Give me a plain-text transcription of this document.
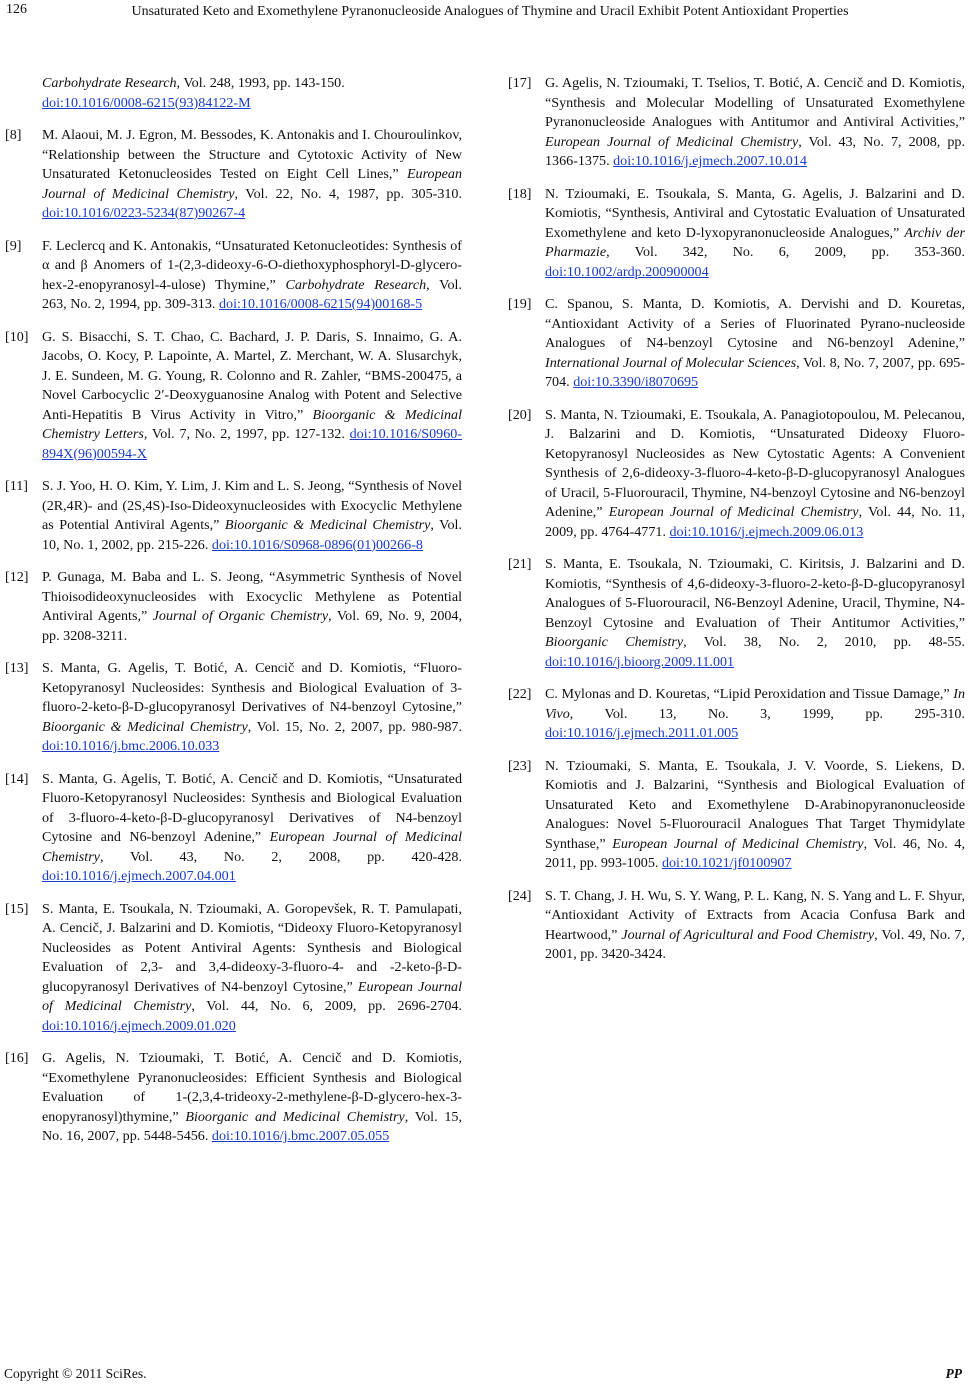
126	Unsaturated Keto and Exomethylene Pyranonucleoside Analogues of Thymine and Uracil Exhibit Potent Antioxidant Properties
Carbohydrate Research, Vol. 248, 1993, pp. 143-150.
doi:10.1016/0008-6215(93)84122-M
[8] M. Alaoui, M. J. Egron, M. Bessodes, K. Antonakis and I. Chouroulinkov, “Relationship between the Structure and Cytotoxic Activity of New Unsaturated Ketonucleosides Tested on Eight Cell Lines,” European Journal of Medicinal Chemistry, Vol. 22, No. 4, 1987, pp. 305-310. doi:10.1016/0223-5234(87)90267-4
[9] F. Leclercq and K. Antonakis, “Unsaturated Ketonucleotides: Synthesis of α and β Anomers of 1-(2,3-dideoxy-6-O-diethoxyphosphoryl-D-glycero-hex-2-enopyranosyl-4-ulose) Thymine,” Carbohydrate Research, Vol. 263, No. 2, 1994, pp. 309-313. doi:10.1016/0008-6215(94)00168-5
[10] G. S. Bisacchi, S. T. Chao, C. Bachard, J. P. Daris, S. Innaimo, G. A. Jacobs, O. Kocy, P. Lapointe, A. Martel, Z. Merchant, W. A. Slusarchyk, J. E. Sundeen, M. G. Young, R. Colonno and R. Zahler, “BMS-200475, a Novel Carbocyclic 2′-Deoxyguanosine Analog with Potent and Selective Anti-Hepatitis B Virus Activity in Vitro,” Bioorganic & Medicinal Chemistry Letters, Vol. 7, No. 2, 1997, pp. 127-132. doi:10.1016/S0960-894X(96)00594-X
[11] S. J. Yoo, H. O. Kim, Y. Lim, J. Kim and L. S. Jeong, “Synthesis of Novel (2R,4R)- and (2S,4S)-Iso-Dideoxynucleosides with Exocyclic Methylene as Potential Antiviral Agents,” Bioorganic & Medicinal Chemistry, Vol. 10, No. 1, 2002, pp. 215-226. doi:10.1016/S0968-0896(01)00266-8
[12] P. Gunaga, M. Baba and L. S. Jeong, “Asymmetric Synthesis of Novel Thioisodideoxynucleosides with Exocyclic Methylene as Potential Antiviral Agents,” Journal of Organic Chemistry, Vol. 69, No. 9, 2004, pp. 3208-3211.
[13] S. Manta, G. Agelis, T. Botić, A. Cencič and D. Komiotis, “Fluoro-Ketopyranosyl Nucleosides: Synthesis and Biological Evaluation of 3-fluoro-2-keto-β-D-glucopyranosyl Derivatives of N4-benzoyl Cytosine,” Bioorganic & Medicinal Chemistry, Vol. 15, No. 2, 2007, pp. 980-987. doi:10.1016/j.bmc.2006.10.033
[14] S. Manta, G. Agelis, T. Botić, A. Cencič and D. Komiotis, “Unsaturated Fluoro-Ketopyranosyl Nucleosides: Synthesis and Biological Evaluation of 3-fluoro-4-keto-β-D-glucopyranosyl Derivatives of N4-benzoyl Cytosine and N6-benzoyl Adenine,” European Journal of Medicinal Chemistry, Vol. 43, No. 2, 2008, pp. 420-428. doi:10.1016/j.ejmech.2007.04.001
[15] S. Manta, E. Tsoukala, N. Tzioumaki, A. Goropevšek, R. T. Pamulapati, A. Cencič, J. Balzarini and D. Komiotis, “Dideoxy Fluoro-Ketopyranosyl Nucleosides as Potent Antiviral Agents: Synthesis and Biological Evaluation of 2,3- and 3,4-dideoxy-3-fluoro-4- and -2-keto-β-D-glucopyranosyl Derivatives of N4-benzoyl Cytosine,” European Journal of Medicinal Chemistry, Vol. 44, No. 6, 2009, pp. 2696-2704. doi:10.1016/j.ejmech.2009.01.020
[16] G. Agelis, N. Tzioumaki, T. Botić, A. Cencič and D. Komiotis, “Exomethylene Pyranonucleosides: Efficient Synthesis and Biological Evaluation of 1-(2,3,4-trideoxy-2-methylene-β-D-glycero-hex-3-enopyranosyl)thymine,” Bioorganic and Medicinal Chemistry, Vol. 15, No. 16, 2007, pp. 5448-5456. doi:10.1016/j.bmc.2007.05.055
[17] G. Agelis, N. Tzioumaki, T. Tselios, T. Botić, A. Cencič and D. Komiotis, “Synthesis and Molecular Modelling of Unsaturated Exomethylene Pyranonucleoside Analogues with Antitumor and Antiviral Activities,” European Journal of Medicinal Chemistry, Vol. 43, No. 7, 2008, pp. 1366-1375. doi:10.1016/j.ejmech.2007.10.014
[18] N. Tzioumaki, E. Tsoukala, S. Manta, G. Agelis, J. Balzarini and D. Komiotis, “Synthesis, Antiviral and Cytostatic Evaluation of Unsaturated Exomethylene and keto D-lyxopyranonucleoside Analogues,” Archiv der Pharmazie, Vol. 342, No. 6, 2009, pp. 353-360. doi:10.1002/ardp.200900004
[19] C. Spanou, S. Manta, D. Komiotis, A. Dervishi and D. Kouretas, “Antioxidant Activity of a Series of Fluorinated Pyrano-nucleoside Analogues of N4-benzoyl Cytosine and N6-benzoyl Adenine,” International Journal of Molecular Sciences, Vol. 8, No. 7, 2007, pp. 695-704. doi:10.3390/i8070695
[20] S. Manta, N. Tzioumaki, E. Tsoukala, A. Panagiotopoulou, M. Pelecanou, J. Balzarini and D. Komiotis, “Unsaturated Dideoxy Fluoro-Ketopyranosyl Nucleosides as New Cytostatic Agents: A Convenient Synthesis of 2,6-dideoxy-3-fluoro-4-keto-β-D-glucopyranosyl Analogues of Uracil, 5-Fluorouracil, Thymine, N4-benzoyl Cytosine and N6-benzoyl Adenine,” European Journal of Medicinal Chemistry, Vol. 44, No. 11, 2009, pp. 4764-4771. doi:10.1016/j.ejmech.2009.06.013
[21] S. Manta, E. Tsoukala, N. Tzioumaki, C. Kiritsis, J. Balzarini and D. Komiotis, “Synthesis of 4,6-dideoxy-3-fluoro-2-keto-β-D-glucopyranosyl Analogues of 5-Fluorouracil, N6-Benzoyl Adenine, Uracil, Thymine, N4-Benzoyl Cytosine and Evaluation of Their Antitumor Activities,” Bioorganic Chemistry, Vol. 38, No. 2, 2010, pp. 48-55. doi:10.1016/j.bioorg.2009.11.001
[22] C. Mylonas and D. Kouretas, “Lipid Peroxidation and Tissue Damage,” In Vivo, Vol. 13, No. 3, 1999, pp. 295-310. doi:10.1016/j.ejmech.2011.01.005
[23] N. Tzioumaki, S. Manta, E. Tsoukala, J. V. Voorde, S. Liekens, D. Komiotis and J. Balzarini, “Synthesis and Biological Evaluation of Unsaturated Keto and Exomethylene D-Arabinopyranonucleoside Analogues: Novel 5-Fluorouracil Analogues That Target Thymidylate Synthase,” European Journal of Medicinal Chemistry, Vol. 46, No. 4, 2011, pp. 993-1005. doi:10.1021/jf0100907
[24] S. T. Chang, J. H. Wu, S. Y. Wang, P. L. Kang, N. S. Yang and L. F. Shyur, “Antioxidant Activity of Extracts from Acacia Confusa Bark and Heartwood,” Journal of Agricultural and Food Chemistry, Vol. 49, No. 7, 2001, pp. 3420-3424.
Copyright © 2011 SciRes.	PP
